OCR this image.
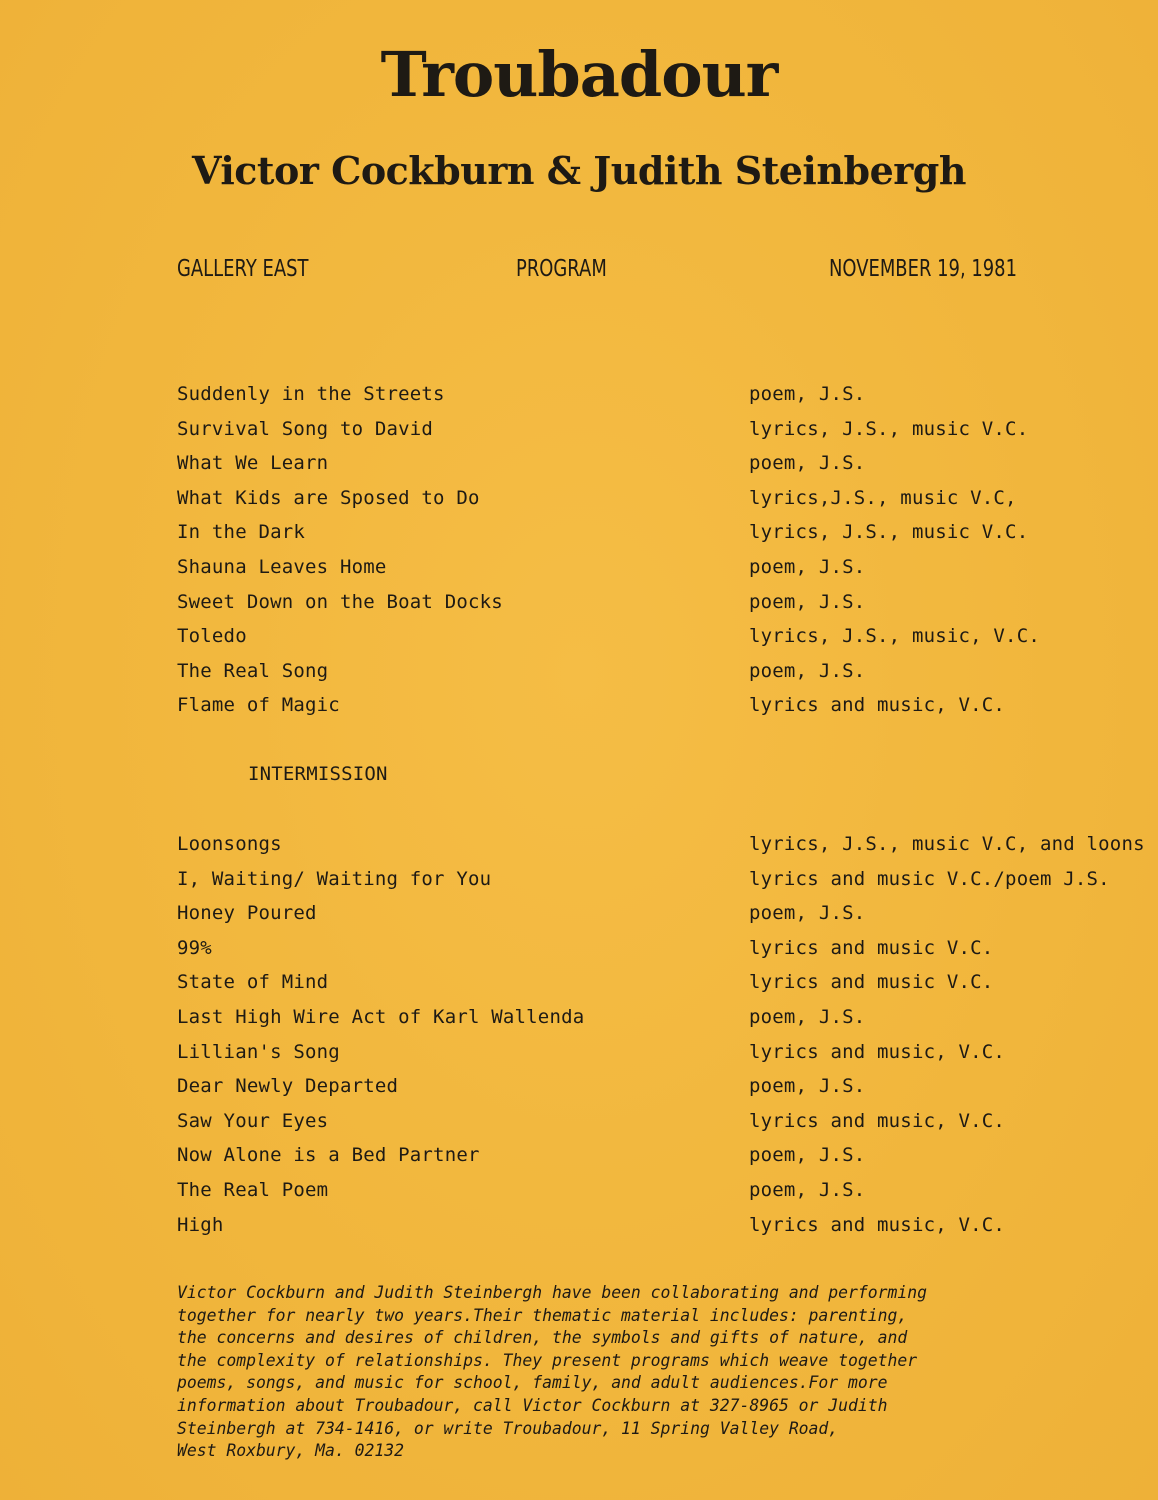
Troubadour
Victor Cockburn & Judith Steinbergh
GALLERY EAST	PROGRAM	NOVEMBER 19, 1981
Suddenly in the Streets	poem, J.S.
Survival Song to David	lyrics, J.S., music V.C.
What We Learn	poem, J.S.
What Kids are Sposed to Do	lyrics,J.S., music V.C,
In the Dark	lyrics, J.S., music V.C.
Shauna Leaves Home	poem, J.S.
Sweet Down on the Boat Docks	poem, J.S.
Toledo	lyrics, J.S., music, V.C.
The Real Song	poem, J.S.
Flame of Magic	lyrics and music, V.C.
INTERMISSION
Loonsongs	lyrics, J.S., music V.C, and loons
I, Waiting/ Waiting for You	lyrics and music V.C./poem J.S.
Honey Poured	poem, J.S.
99%	lyrics and music V.C.
State of Mind	lyrics and music V.C.
Last High Wire Act of Karl Wallenda	poem, J.S.
Lillian's Song	lyrics and music, V.C.
Dear Newly Departed	poem, J.S.
Saw Your Eyes	lyrics and music, V.C.
Now Alone is a Bed Partner	poem, J.S.
The Real Poem	poem, J.S.
High	lyrics and music, V.C.
Victor Cockburn and Judith Steinbergh have been collaborating and performing
together for nearly two years.Their thematic material includes: parenting,
the concerns and desires of children, the symbols and gifts of nature, and
the complexity of relationships. They present programs which weave together
poems, songs, and music for school, family, and adult audiences.For more
information about Troubadour, call Victor Cockburn at 327-8965 or Judith
Steinbergh at 734-1416, or write Troubadour, 11 Spring Valley Road,
West Roxbury, Ma. 02132
